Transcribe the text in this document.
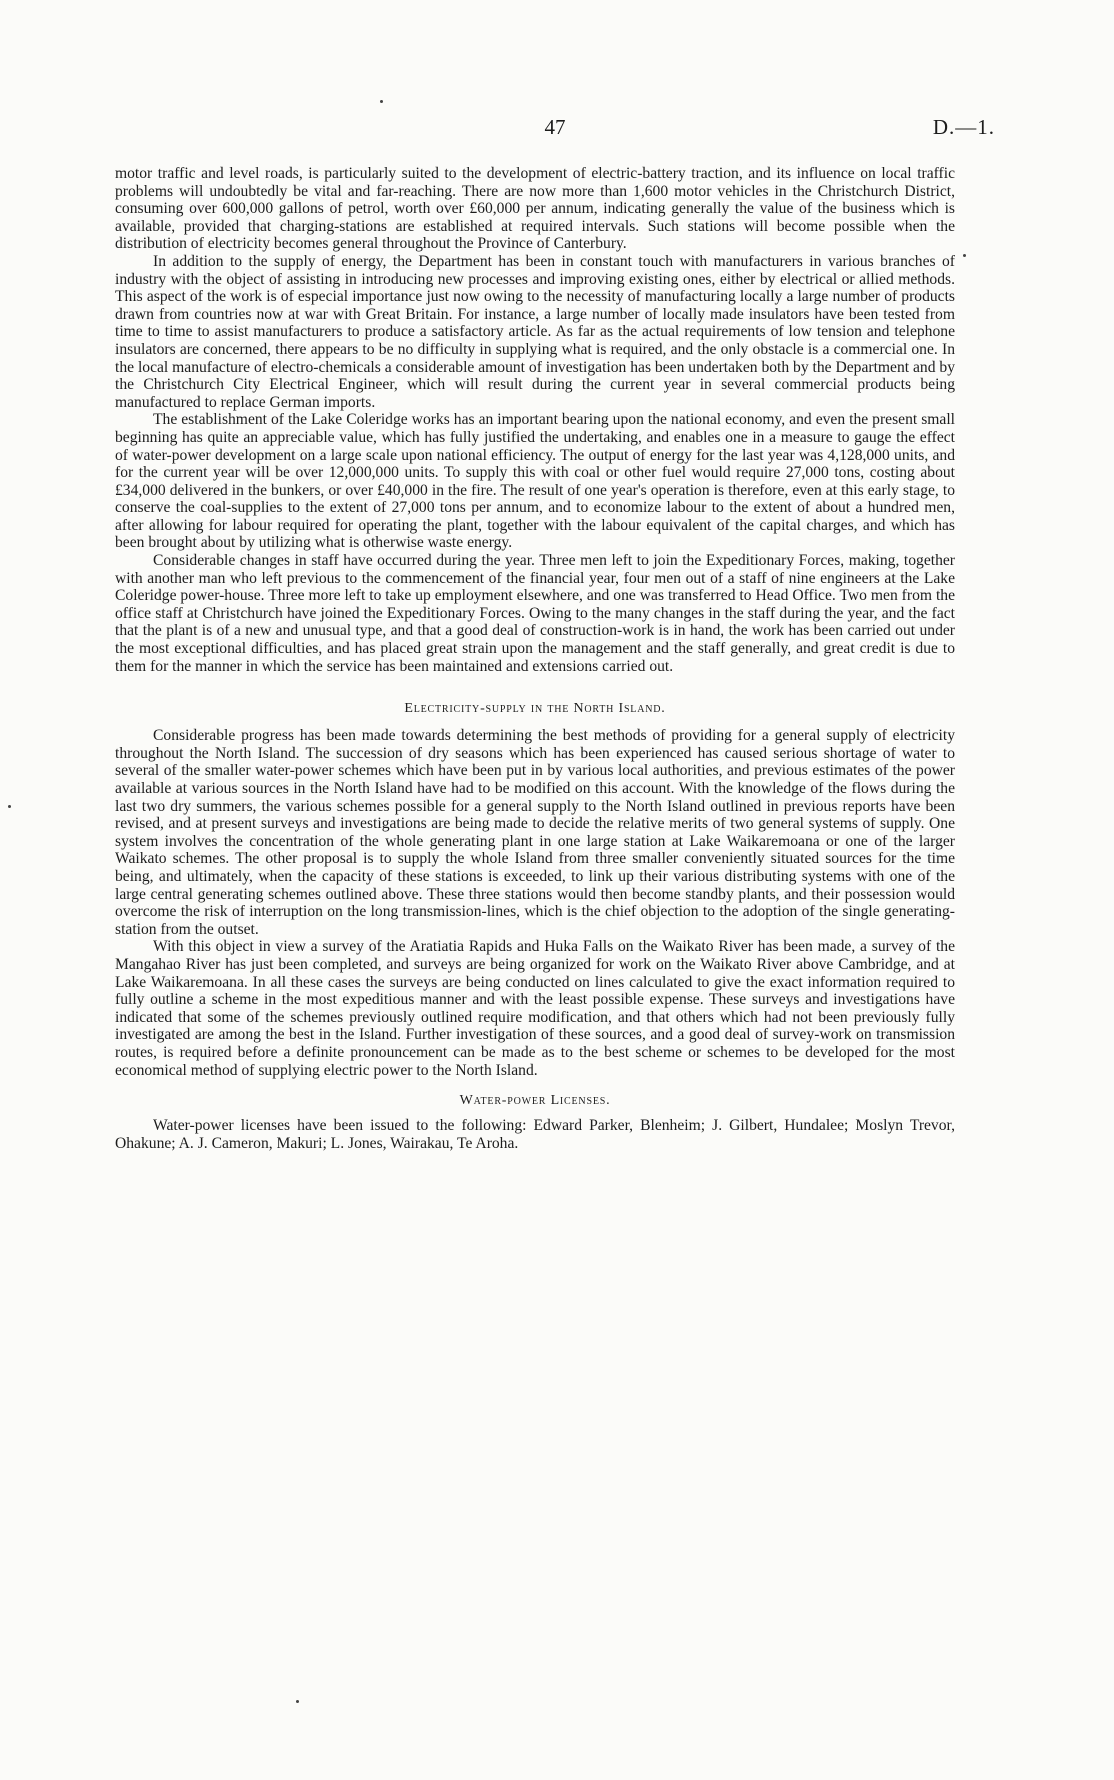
47	D.—1.

motor traffic and level roads, is particularly suited to the development of electric-battery traction, and its influence on local traffic problems will undoubtedly be vital and far-reaching. There are now more than 1,600 motor vehicles in the Christchurch District, consuming over 600,000 gallons of petrol, worth over £60,000 per annum, indicating generally the value of the business which is available, provided that charging-stations are established at required intervals. Such stations will become possible when the distribution of electricity becomes general throughout the Province of Canterbury.

In addition to the supply of energy, the Department has been in constant touch with manufacturers in various branches of industry with the object of assisting in introducing new processes and improving existing ones, either by electrical or allied methods. This aspect of the work is of especial importance just now owing to the necessity of manufacturing locally a large number of products drawn from countries now at war with Great Britain. For instance, a large number of locally made insulators have been tested from time to time to assist manufacturers to produce a satisfactory article. As far as the actual requirements of low tension and telephone insulators are concerned, there appears to be no difficulty in supplying what is required, and the only obstacle is a commercial one. In the local manufacture of electro-chemicals a considerable amount of investigation has been undertaken both by the Department and by the Christchurch City Electrical Engineer, which will result during the current year in several commercial products being manufactured to replace German imports.

The establishment of the Lake Coleridge works has an important bearing upon the national economy, and even the present small beginning has quite an appreciable value, which has fully justified the undertaking, and enables one in a measure to gauge the effect of water-power development on a large scale upon national efficiency. The output of energy for the last year was 4,128,000 units, and for the current year will be over 12,000,000 units. To supply this with coal or other fuel would require 27,000 tons, costing about £34,000 delivered in the bunkers, or over £40,000 in the fire. The result of one year's operation is therefore, even at this early stage, to conserve the coal-supplies to the extent of 27,000 tons per annum, and to economize labour to the extent of about a hundred men, after allowing for labour required for operating the plant, together with the labour equivalent of the capital charges, and which has been brought about by utilizing what is otherwise waste energy.

Considerable changes in staff have occurred during the year. Three men left to join the Expeditionary Forces, making, together with another man who left previous to the commencement of the financial year, four men out of a staff of nine engineers at the Lake Coleridge power-house. Three more left to take up employment elsewhere, and one was transferred to Head Office. Two men from the office staff at Christchurch have joined the Expeditionary Forces. Owing to the many changes in the staff during the year, and the fact that the plant is of a new and unusual type, and that a good deal of construction-work is in hand, the work has been carried out under the most exceptional difficulties, and has placed great strain upon the management and the staff generally, and great credit is due to them for the manner in which the service has been maintained and extensions carried out.

Electricity-supply in the North Island.

Considerable progress has been made towards determining the best methods of providing for a general supply of electricity throughout the North Island. The succession of dry seasons which has been experienced has caused serious shortage of water to several of the smaller water-power schemes which have been put in by various local authorities, and previous estimates of the power available at various sources in the North Island have had to be modified on this account. With the knowledge of the flows during the last two dry summers, the various schemes possible for a general supply to the North Island outlined in previous reports have been revised, and at present surveys and investigations are being made to decide the relative merits of two general systems of supply. One system involves the concentration of the whole generating plant in one large station at Lake Waikaremoana or one of the larger Waikato schemes. The other proposal is to supply the whole Island from three smaller conveniently situated sources for the time being, and ultimately, when the capacity of these stations is exceeded, to link up their various distributing systems with one of the large central generating schemes outlined above. These three stations would then become standby plants, and their possession would overcome the risk of interruption on the long transmission-lines, which is the chief objection to the adoption of the single generating-station from the outset.

With this object in view a survey of the Aratiatia Rapids and Huka Falls on the Waikato River has been made, a survey of the Mangahao River has just been completed, and surveys are being organized for work on the Waikato River above Cambridge, and at Lake Waikaremoana. In all these cases the surveys are being conducted on lines calculated to give the exact information required to fully outline a scheme in the most expeditious manner and with the least possible expense. These surveys and investigations have indicated that some of the schemes previously outlined require modification, and that others which had not been previously fully investigated are among the best in the Island. Further investigation of these sources, and a good deal of survey-work on transmission routes, is required before a definite pronouncement can be made as to the best scheme or schemes to be developed for the most economical method of supplying electric power to the North Island.

Water-power Licenses.

Water-power licenses have been issued to the following: Edward Parker, Blenheim; J. Gilbert, Hundalee; Moslyn Trevor, Ohakune; A. J. Cameron, Makuri; L. Jones, Wairakau, Te Aroha.
